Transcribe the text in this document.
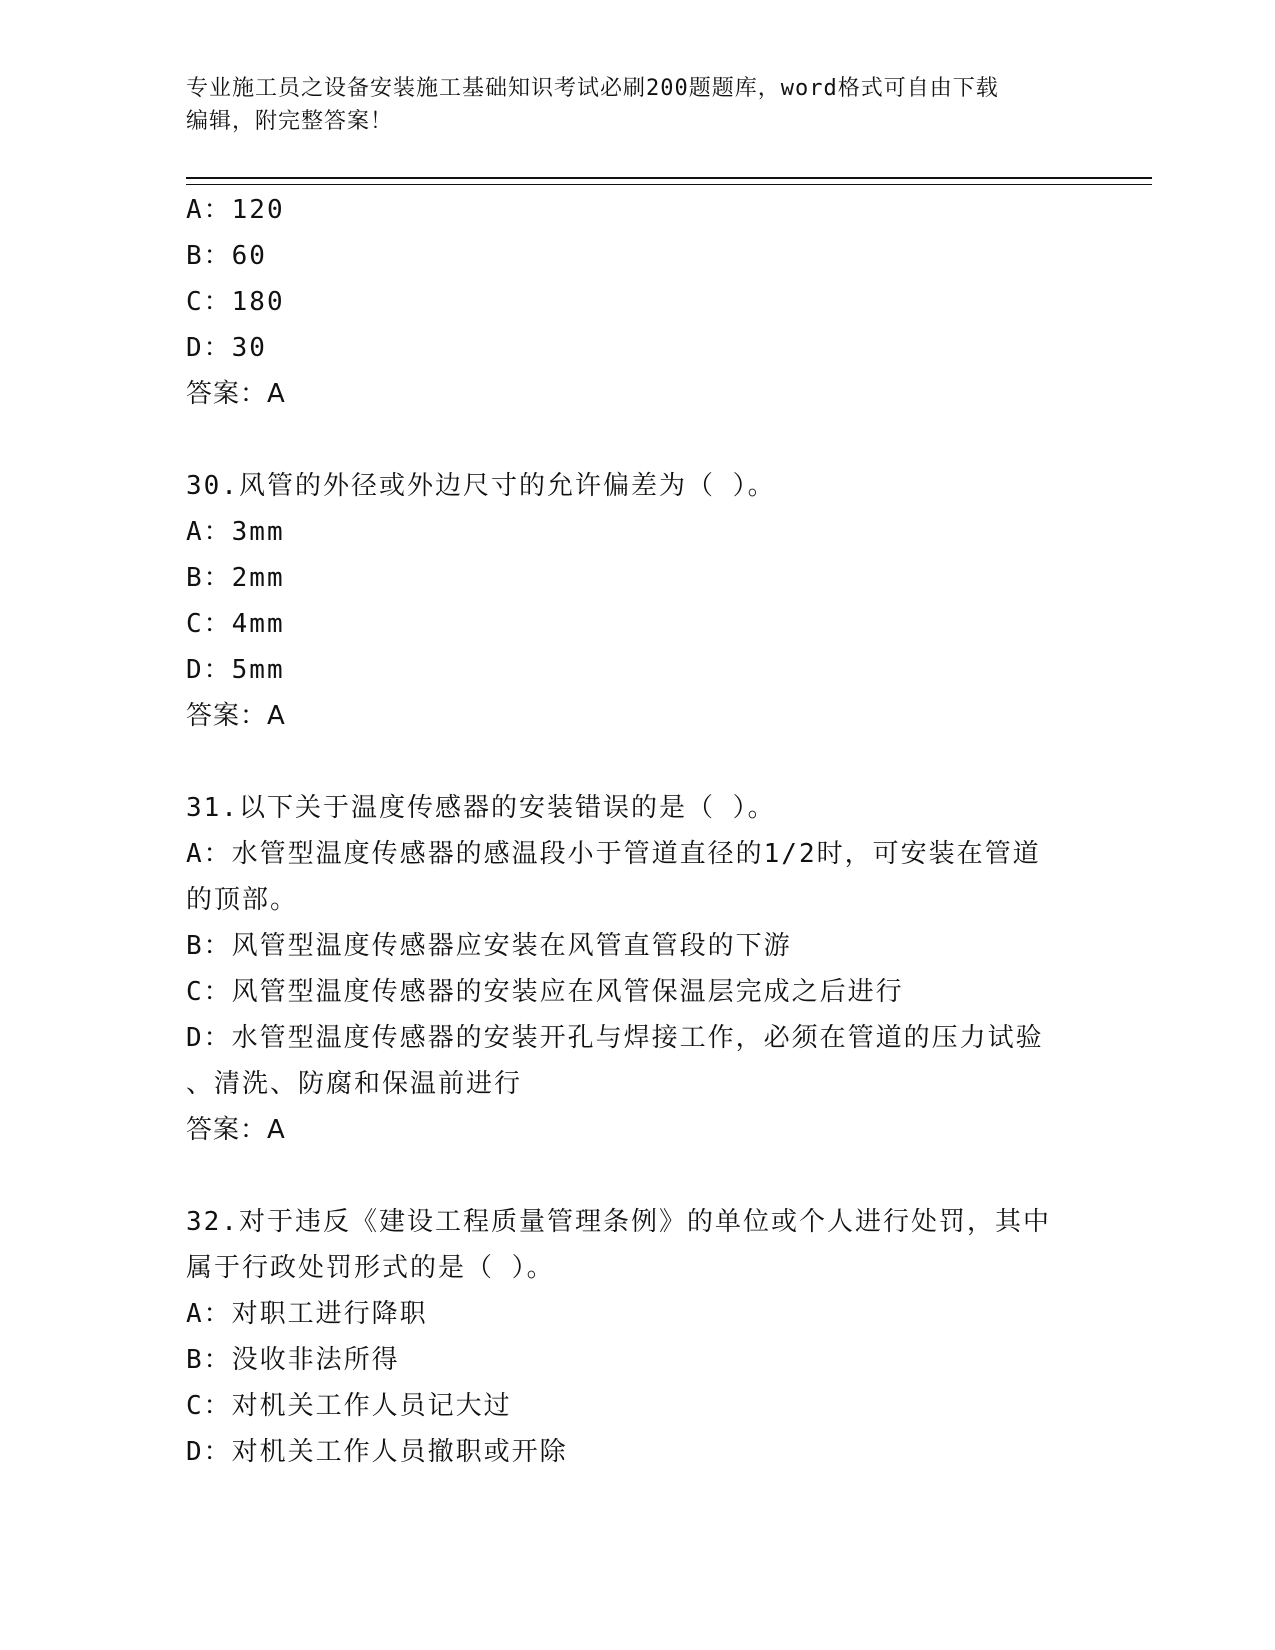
专业施工员之设备安装施工基础知识考试必刷200题题库，word格式可自由下载
编辑，附完整答案！
A：120
B：60
C：180
D：30
答案：A
30.风管的外径或外边尺寸的允许偏差为（ ）。
A：3mm
B：2mm
C：4mm
D：5mm
答案：A
31.以下关于温度传感器的安装错误的是（ ）。
A：水管型温度传感器的感温段小于管道直径的1/2时，可安装在管道
的顶部。
B：风管型温度传感器应安装在风管直管段的下游
C：风管型温度传感器的安装应在风管保温层完成之后进行
D：水管型温度传感器的安装开孔与焊接工作，必须在管道的压力试验
、清洗、防腐和保温前进行
答案：A
32.对于违反《建设工程质量管理条例》的单位或个人进行处罚，其中
属于行政处罚形式的是（ ）。
A：对职工进行降职
B：没收非法所得
C：对机关工作人员记大过
D：对机关工作人员撤职或开除
